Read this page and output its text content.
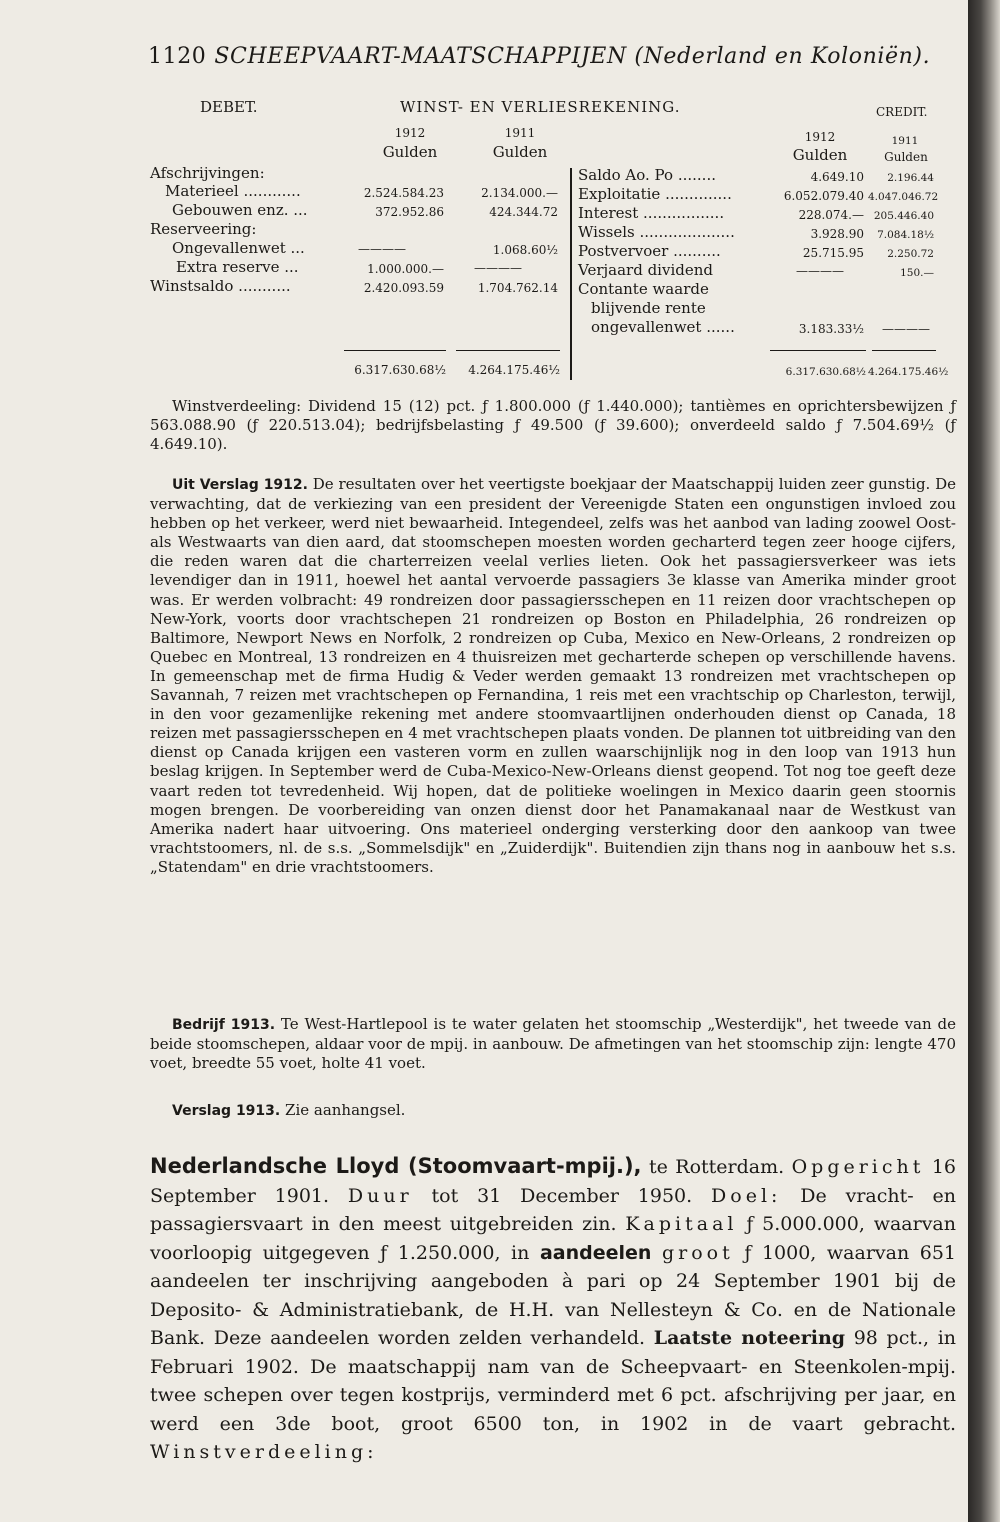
1120 SCHEEPVAART-MAATSCHAPPIJEN (Nederland en Koloniën).
DEBET.	WINST- EN VERLIESREKENING.	CREDIT.
1912	1911
Gulden	Gulden
1912	1911
Gulden	Gulden
Afschrijvingen:
Materieel ............	2.524.584.23	2.134.000.—
Gebouwen enz. ...	372.952.86	424.344.72
Reserveering:
Ongevallenwet ...	————	1.068.60½
Extra reserve ...	1.000.000.—	————
Winstsaldo ...........	2.420.093.59	1.704.762.14
Saldo Ao. Po ........	4.649.10	2.196.44
Exploitatie ..............	6.052.079.40 4.047.046.72
Interest .................	228.074.— 205.446.40
Wissels ....................	3.928.90	7.084.18½
Postvervoer ..........	25.715.95	2.250.72
Verjaard dividend	————	150.—
Contante waarde
blijvende rente
ongevallenwet ......	3.183.33½ ————
6.317.630.68½	4.264.175.46½	6.317.630.68½ 4.264.175.46½
Winstverdeeling: Dividend 15 (12) pct. ƒ 1.800.000 (ƒ 1.440.000); tantièmes en oprichtersbewijzen ƒ 563.088.90 (ƒ 220.513.04); bedrijfsbelasting ƒ 49.500 (ƒ 39.600); onverdeeld saldo ƒ 7.504.69½ (ƒ 4.649.10).
Uit Verslag 1912. De resultaten over het veertigste boekjaar der Maatschappij luiden zeer gunstig. De verwachting, dat de verkiezing van een president der Vereenigde Staten een ongunstigen invloed zou hebben op het verkeer, werd niet bewaarheid. Integendeel, zelfs was het aanbod van lading zoowel Oost- als Westwaarts van dien aard, dat stoomschepen moesten worden gecharterd tegen zeer hooge cijfers, die reden waren dat die charterreizen veelal verlies lieten. Ook het passagiersverkeer was iets levendiger dan in 1911, hoewel het aantal vervoerde passagiers 3e klasse van Amerika minder groot was. Er werden volbracht: 49 rondreizen door passagiersschepen en 11 reizen door vrachtschepen op New-York, voorts door vrachtschepen 21 rondreizen op Boston en Philadelphia, 26 rondreizen op Baltimore, Newport News en Norfolk, 2 rondreizen op Cuba, Mexico en New-Orleans, 2 rondreizen op Quebec en Montreal, 13 rondreizen en 4 thuisreizen met gecharterde schepen op verschillende havens. In gemeenschap met de firma Hudig & Veder werden gemaakt 13 rondreizen met vrachtschepen op Savannah, 7 reizen met vrachtschepen op Fernandina, 1 reis met een vrachtschip op Charleston, terwijl, in den voor gezamenlijke rekening met andere stoomvaartlijnen onderhouden dienst op Canada, 18 reizen met passagiersschepen en 4 met vrachtschepen plaats vonden. De plannen tot uitbreiding van den dienst op Canada krijgen een vasteren vorm en zullen waarschijnlijk nog in den loop van 1913 hun beslag krijgen. In September werd de Cuba-Mexico-New-Orleans dienst geopend. Tot nog toe geeft deze vaart reden tot tevredenheid. Wij hopen, dat de politieke woelingen in Mexico daarin geen stoornis mogen brengen. De voorbereiding van onzen dienst door het Panamakanaal naar de Westkust van Amerika nadert haar uitvoering. Ons materieel onderging versterking door den aankoop van twee vrachtstoomers, nl. de s.s. „Sommelsdijk" en „Zuiderdijk". Buitendien zijn thans nog in aanbouw het s.s. „Statendam" en drie vrachtstoomers.
Bedrijf 1913. Te West-Hartlepool is te water gelaten het stoomschip „Westerdijk", het tweede van de beide stoomschepen, aldaar voor de mpij. in aanbouw. De afmetingen van het stoomschip zijn: lengte 470 voet, breedte 55 voet, holte 41 voet.
Verslag 1913. Zie aanhangsel.
Nederlandsche Lloyd (Stoomvaart-mpij.), te Rotterdam. Opgericht 16 September 1901. Duur tot 31 December 1950. Doel: De vracht- en passagiersvaart in den meest uitgebreiden zin. Kapitaal ƒ 5.000.000, waarvan voorloopig uitgegeven ƒ 1.250.000, in aandeelen groot ƒ 1000, waarvan 651 aandeelen ter inschrijving aangeboden à pari op 24 September 1901 bij de Deposito- & Administratiebank, de H.H. van Nellesteyn & Co. en de Nationale Bank. Deze aandeelen worden zelden verhandeld. Laatste noteering 98 pct., in Februari 1902. De maatschappij nam van de Scheepvaart- en Steenkolen-mpij. twee schepen over tegen kostprijs, verminderd met 6 pct. afschrijving per jaar, en werd een 3de boot, groot 6500 ton, in 1902 in de vaart gebracht. Winstverdeeling:
